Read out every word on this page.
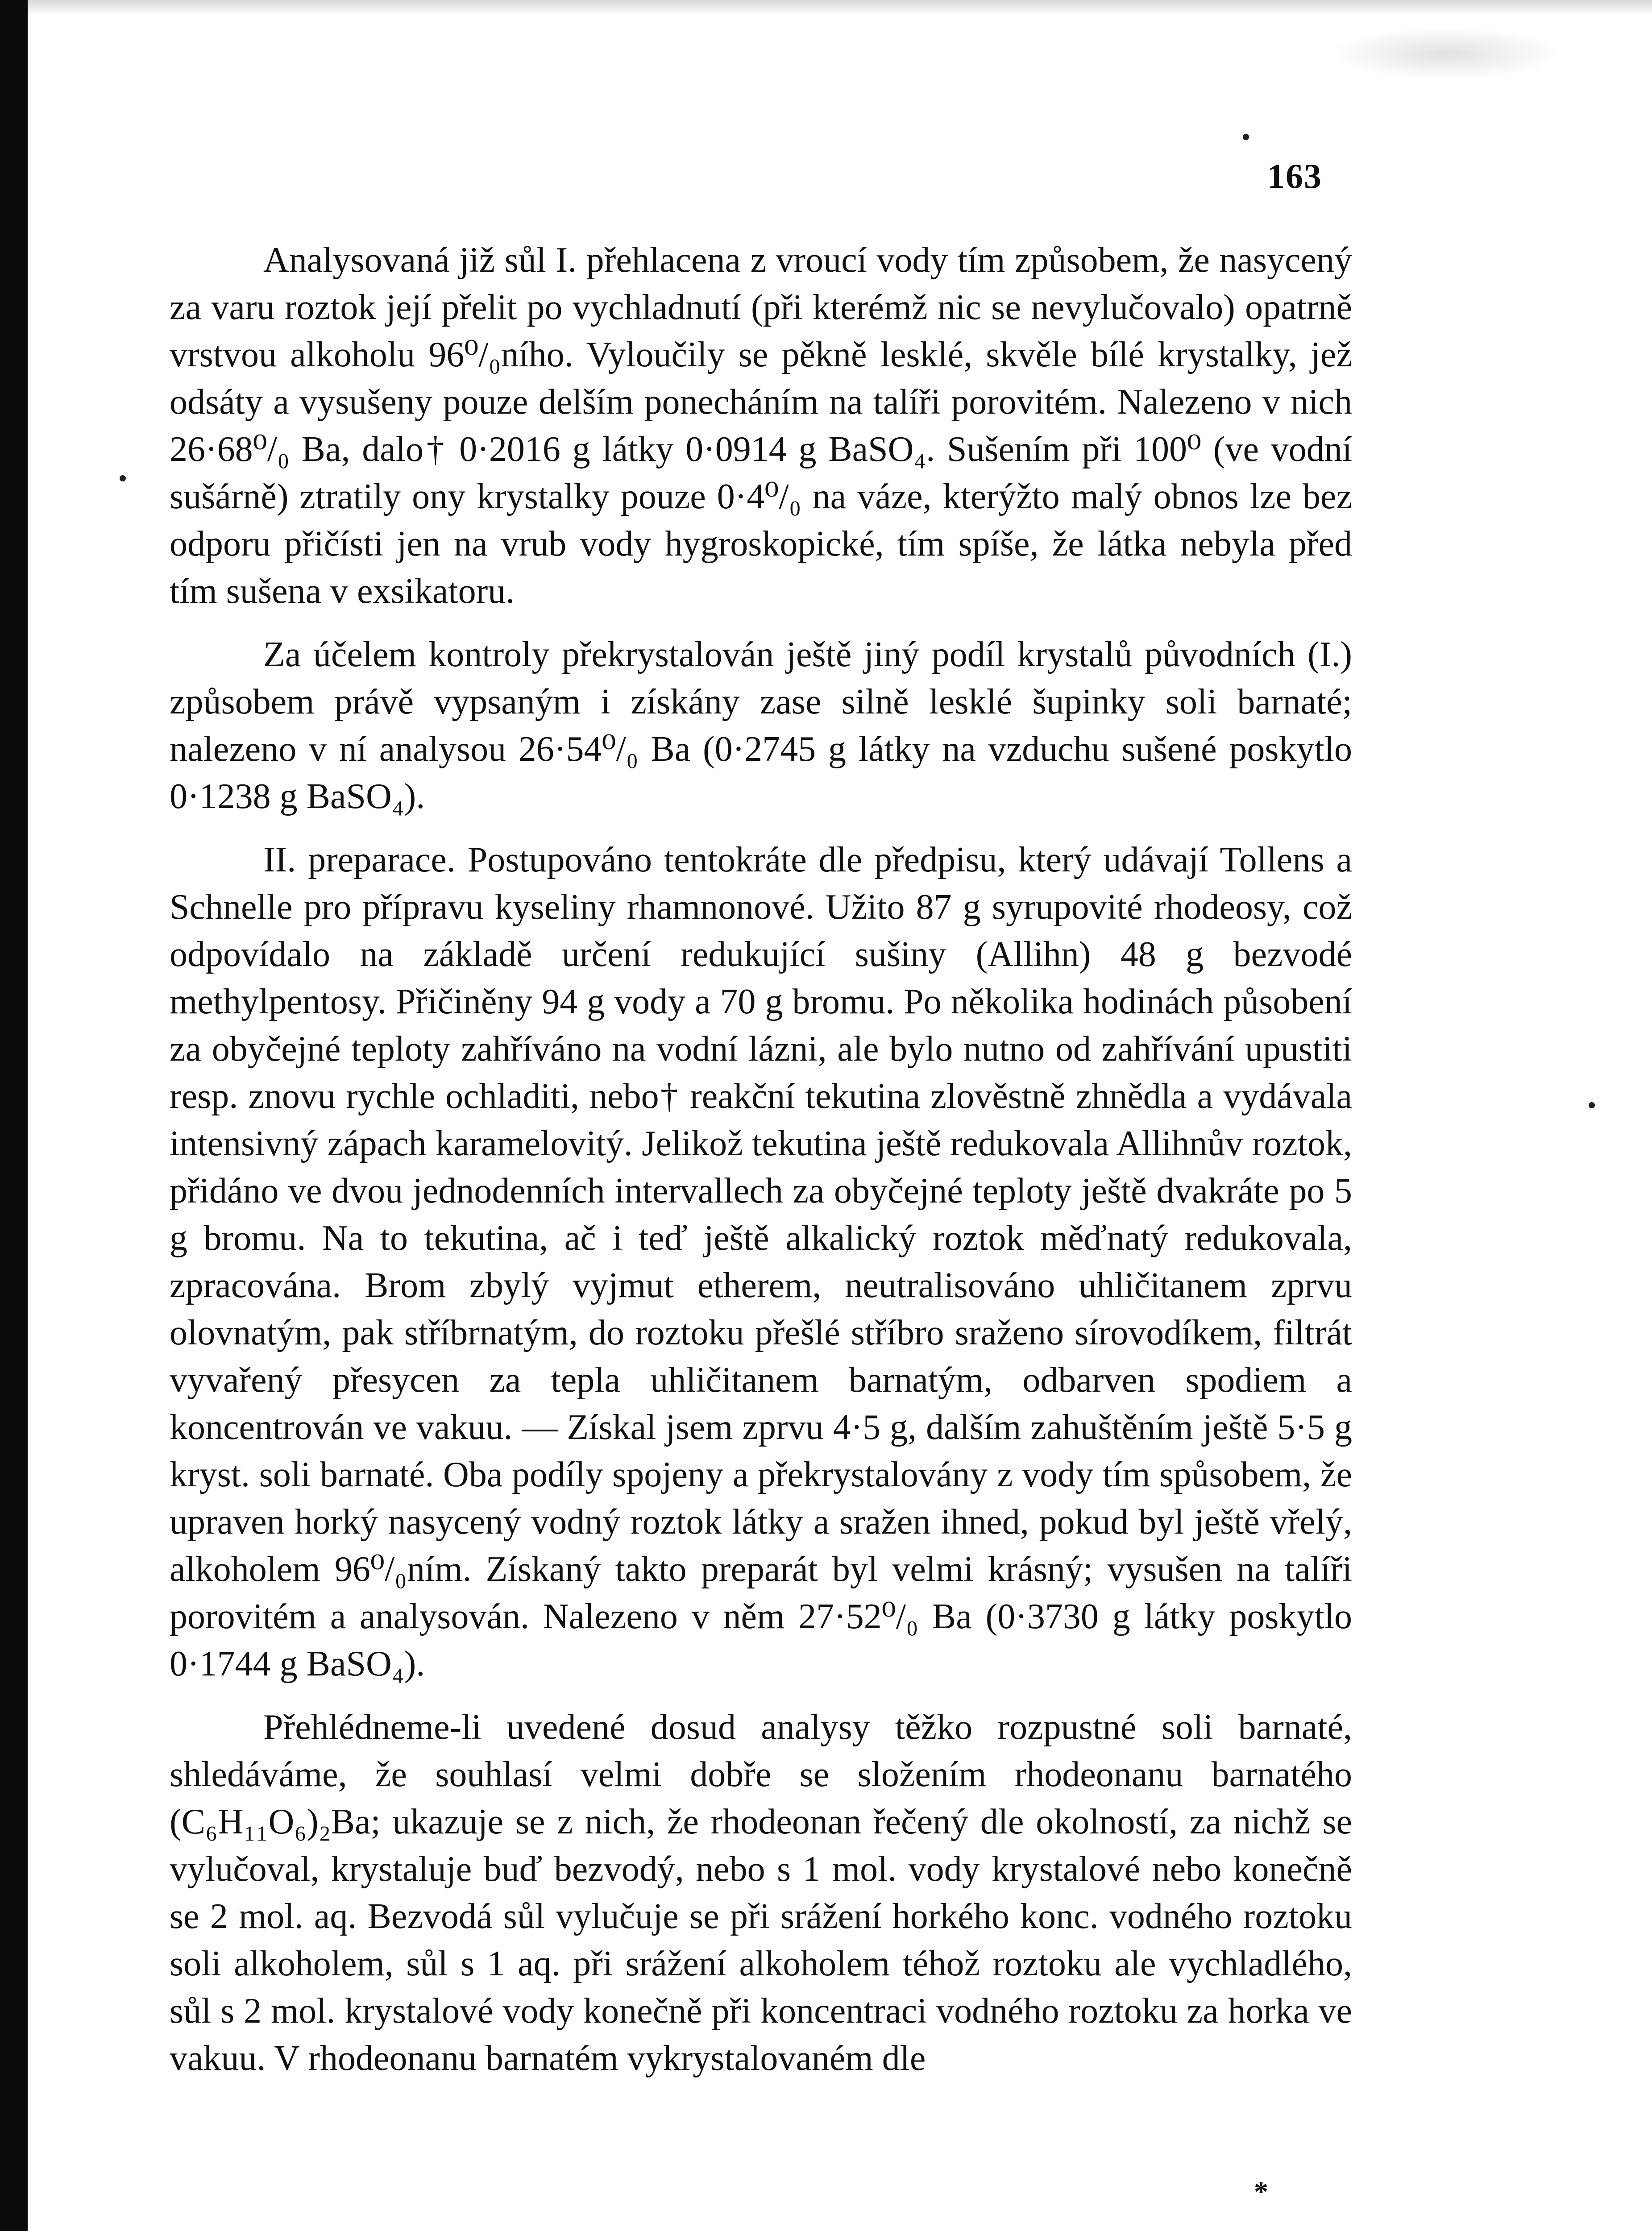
163

Analysovaná již sůl I. přehlacena z vroucí vody tím způsobem, že nasycený za varu roztok její přelit po vychladnutí (při kterémž nic se nevylučovalo) opatrně vrstvou alkoholu 96⁰/₀ního. Vyloučily se pěkně lesklé, skvěle bílé krystalky, jež odsáty a vysušeny pouze delším ponecháním na talíři porovitém. Nalezeno v nich 26·68⁰/₀ Ba, dalo† 0·2016 g látky 0·0914 g BaSO₄. Sušením při 100⁰ (ve vodní sušárně) ztratily ony krystalky pouze 0·4⁰/₀ na váze, kterýžto malý obnos lze bez odporu přičísti jen na vrub vody hygroskopické, tím spíše, že látka nebyla před tím sušena v exsikatoru.

Za účelem kontroly překrystalován ještě jiný podíl krystalů původních (I.) způsobem právě vypsaným i získány zase silně lesklé šupinky soli barnaté; nalezeno v ní analysou 26·54⁰/₀ Ba (0·2745 g látky na vzduchu sušené poskytlo 0·1238 g BaSO₄).

II. preparace. Postupováno tentokráte dle předpisu, který udávají Tollens a Schnelle pro přípravu kyseliny rhamnonové. Užito 87 g syrupovité rhodeosy, což odpovídalo na základě určení redukující sušiny (Allihn) 48 g bezvodé methylpentosy. Přičiněny 94 g vody a 70 g bromu. Po několika hodinách působení za obyčejné teploty zahříváno na vodní lázni, ale bylo nutno od zahřívání upustiti resp. znovu rychle ochladiti, nebo† reakční tekutina zlověstně zhnědla a vydávala intensivný zápach karamelovitý. Jelikož tekutina ještě redukovala Allihnův roztok, přidáno ve dvou jednodenních intervallech za obyčejné teploty ještě dvakráte po 5 g bromu. Na to tekutina, ač i teď ještě alkalický roztok měďnatý redukovala, zpracována. Brom zbylý vyjmut etherem, neutralisováno uhličitanem zprvu olovnatým, pak stříbrnatým, do roztoku přešlé stříbro sraženo sírovodíkem, filtrát vyvařený přesycen za tepla uhličitanem barnatým, odbarven spodiem a koncentrován ve vakuu. — Získal jsem zprvu 4·5 g, dalším zahuštěním ještě 5·5 g kryst. soli barnaté. Oba podíly spojeny a překrystalovány z vody tím spůsobem, že upraven horký nasycený vodný roztok látky a sražen ihned, pokud byl ještě vřelý, alkoholem 96⁰/₀ním. Získaný takto preparát byl velmi krásný; vysušen na talíři porovitém a analysován. Nalezeno v něm 27·52⁰/₀ Ba (0·3730 g látky poskytlo 0·1744 g BaSO₄).

Přehlédneme-li uvedené dosud analysy těžko rozpustné soli barnaté, shledáváme, že souhlasí velmi dobře se složením rhodeonanu barnatého (C₆H₁₁O₆)₂Ba; ukazuje se z nich, že rhodeonan řečený dle okolností, za nichž se vylučoval, krystaluje buď bezvodý, nebo s 1 mol. vody krystalové nebo konečně se 2 mol. aq. Bezvodá sůl vylučuje se při srážení horkého konc. vodného roztoku soli alkoholem, sůl s 1 aq. při srážení alkoholem téhož roztoku ale vychladlého, sůl s 2 mol. krystalové vody konečně při koncentraci vodného roztoku za horka ve vakuu. V rhodeonanu barnatém vykrystalovaném dle

*
